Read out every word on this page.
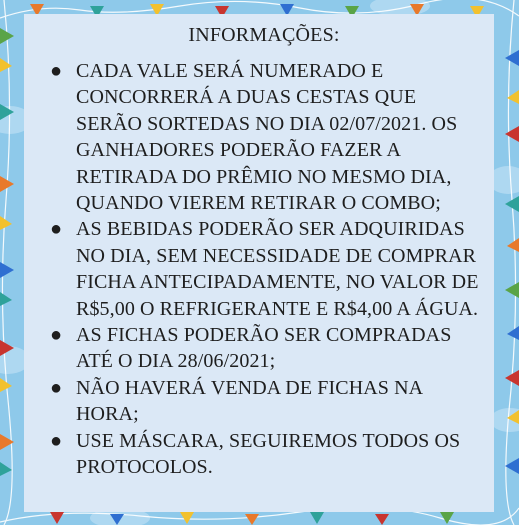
INFORMAÇÕES:
● CADA VALE SERÁ NUMERADO E CONCORRERÁ A DUAS CESTAS QUE SERÃO SORTEDAS NO DIA 02/07/2021. OS GANHADORES PODERÃO FAZER A RETIRADA DO PRÊMIO NO MESMO DIA, QUANDO VIEREM RETIRAR O COMBO;
● AS BEBIDAS PODERÃO SER ADQUIRIDAS NO DIA, SEM NECESSIDADE DE COMPRAR FICHA ANTECIPADAMENTE, NO VALOR DE R$5,00 O REFRIGERANTE E R$4,00 A ÁGUA.
● AS FICHAS PODERÃO SER COMPRADAS ATÉ O DIA 28/06/2021;
● NÃO HAVERÁ VENDA DE FICHAS NA HORA;
● USE MÁSCARA, SEGUIREMOS TODOS OS PROTOCOLOS.
